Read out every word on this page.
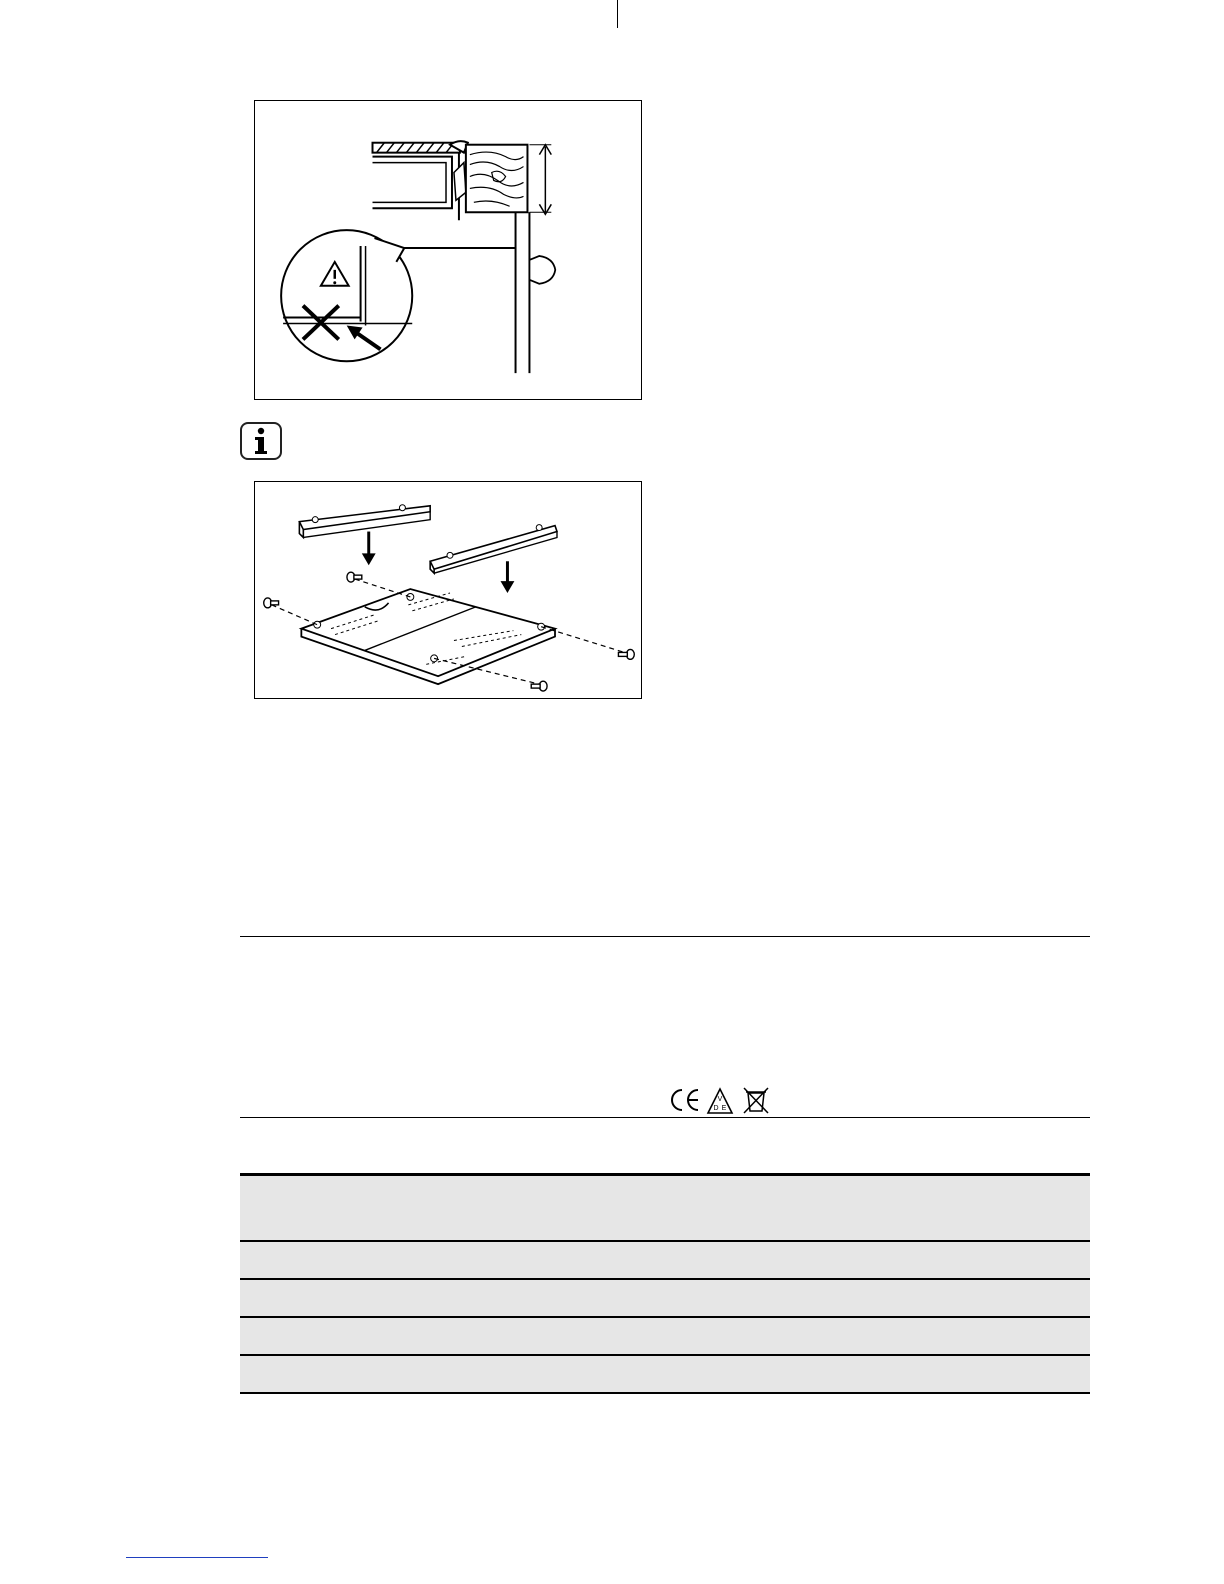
V
D E
